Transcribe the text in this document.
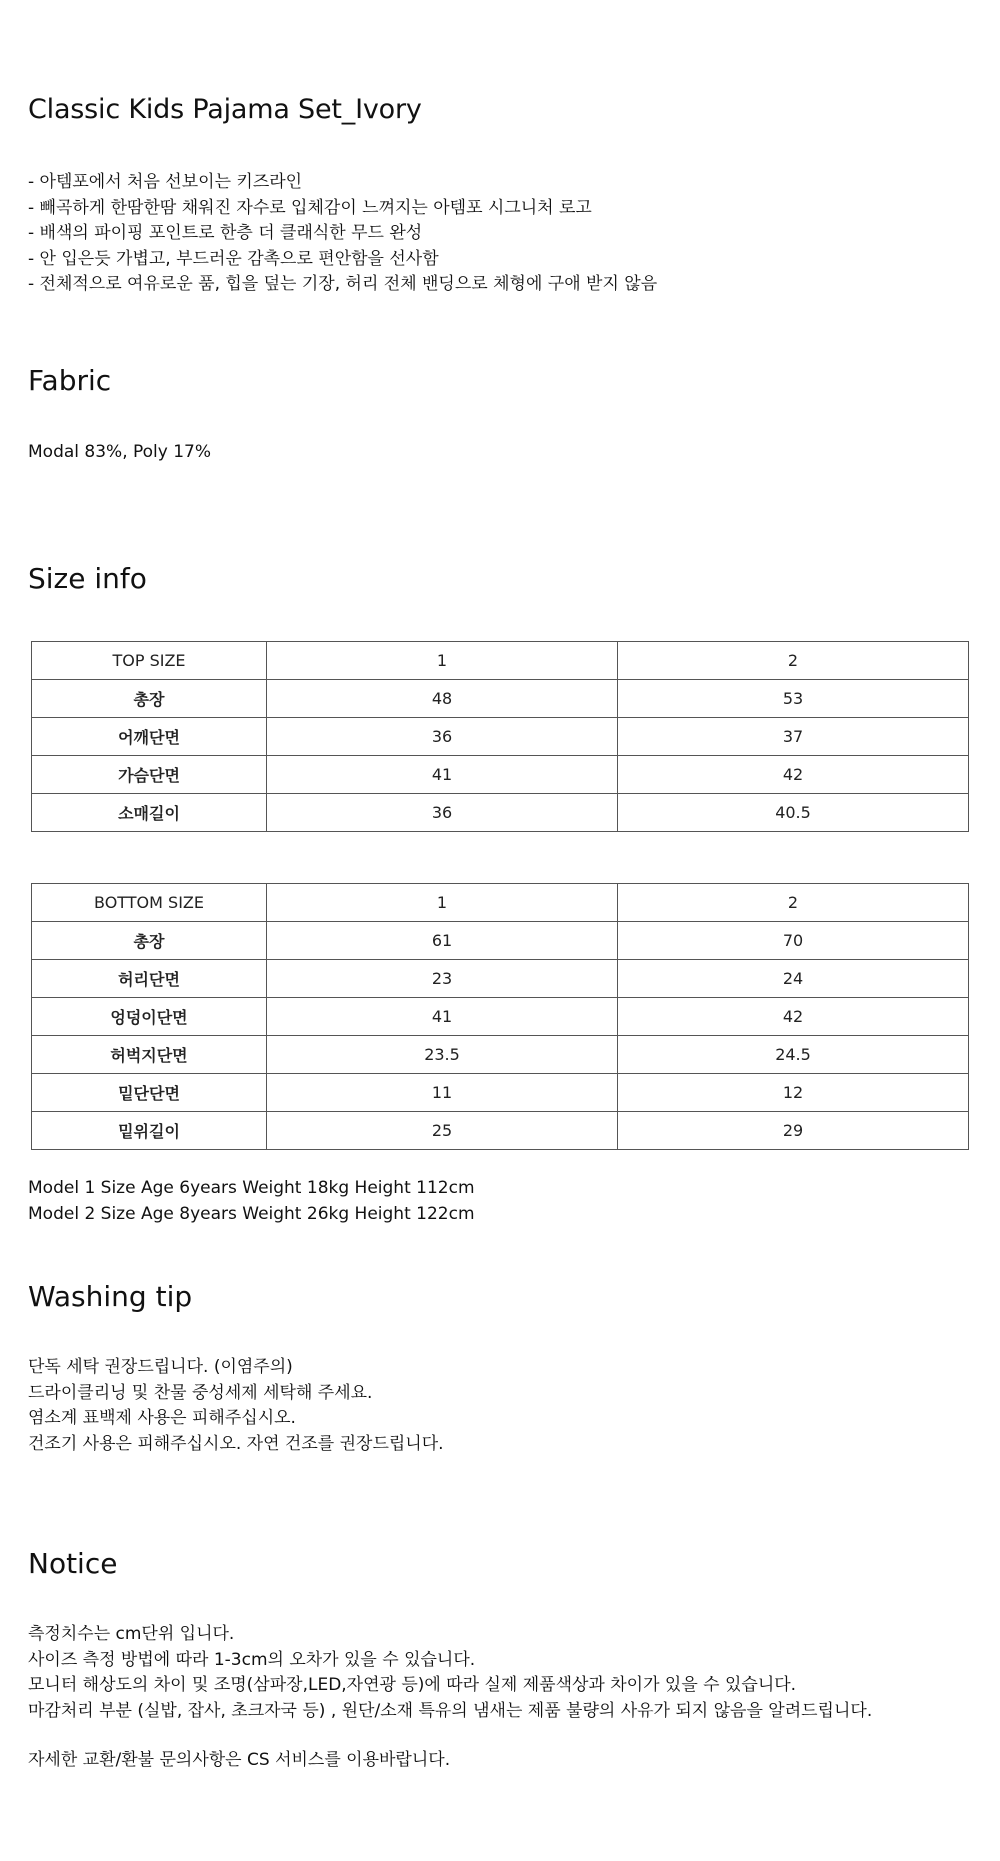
Classic Kids Pajama Set_Ivory
- 아템포에서 처음 선보이는 키즈라인
- 빼곡하게 한땀한땀 채워진 자수로 입체감이 느껴지는 아템포 시그니처 로고
- 배색의 파이핑 포인트로 한층 더 클래식한 무드 완성
- 안 입은듯 가볍고, 부드러운 감촉으로 편안함을 선사함
- 전체적으로 여유로운 품, 힙을 덮는 기장, 허리 전체 밴딩으로 체형에 구애 받지 않음
Fabric
Modal 83%, Poly 17%
Size info
TOP SIZE	1	2
총장	48	53
어깨단면	36	37
가슴단면	41	42
소매길이	36	40.5
BOTTOM SIZE	1	2
총장	61	70
허리단면	23	24
엉덩이단면	41	42
허벅지단면	23.5	24.5
밑단단면	11	12
밑위길이	25	29
Model 1 Size Age 6years Weight 18kg Height 112cm
Model 2 Size Age 8years Weight 26kg Height 122cm
Washing tip
단독 세탁 권장드립니다. (이염주의)
드라이클리닝 및 찬물 중성세제 세탁해 주세요.
염소계 표백제 사용은 피해주십시오.
건조기 사용은 피해주십시오. 자연 건조를 권장드립니다.
Notice
측정치수는 cm단위 입니다.
사이즈 측정 방법에 따라 1-3cm의 오차가 있을 수 있습니다.
모니터 해상도의 차이 및 조명(삼파장,LED,자연광 등)에 따라 실제 제품색상과 차이가 있을 수 있습니다.
마감처리 부분 (실밥, 잡사, 초크자국 등) , 원단/소재 특유의 냄새는 제품 불량의 사유가 되지 않음을 알려드립니다.
자세한 교환/환불 문의사항은 CS 서비스를 이용바랍니다.
